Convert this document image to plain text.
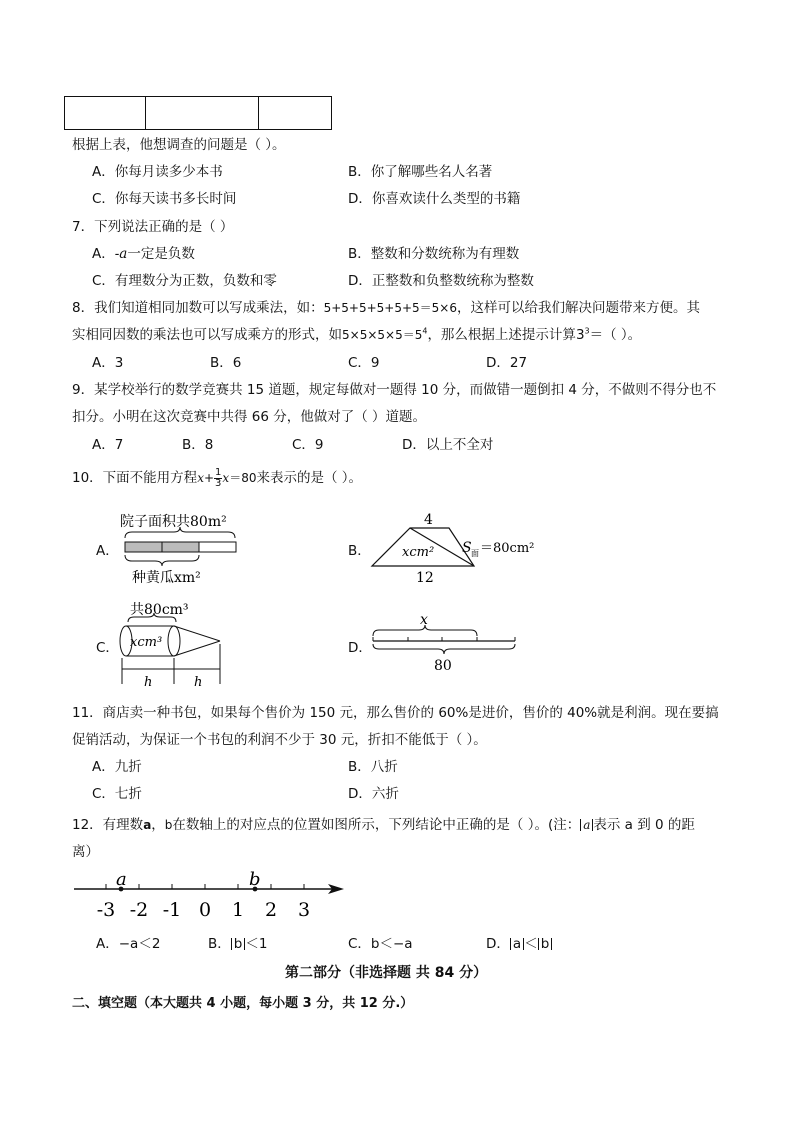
根据上表，他想调查的问题是（ ）。
A．你每月读多少本书	B．你了解哪些名人名著
C．你每天读书多长时间	D．你喜欢读什么类型的书籍
7．下列说法正确的是（ ）
A．-a一定是负数	B．整数和分数统称为有理数
C．有理数分为正数，负数和零	D．正整数和负整数统称为整数
8．我们知道相同加数可以写成乘法，如：5+5+5+5+5+5＝5×6，这样可以给我们解决问题带来方便。其
实相同因数的乘法也可以写成乘方的形式，如$5\times 5\times 5\times 5=5^4$，那么根据上述提示计算$3^3=$（ ）。
A．3	B．6	C．9	D．27
9．某学校举行的数学竞赛共 15 道题，规定每做对一题得 10 分，而做错一题倒扣 4 分，不做则不得分也不
扣分。小明在这次竞赛中共得 66 分，他做对了（ ）道题。
A．7	B．8	C．9	D．以上不全对
10．下面不能用方程$x+ \frac{1}{3} x=80$来表示的是（ ）。
A．
院子面积共80m²
种黄瓜xm²
B．
4
xcm²
12
S 面 ＝80cm²
C．
共80cm³
xcm³
h	h
D．
x
80
11．商店卖一种书包，如果每个售价为 150 元，那么售价的 60%是进价，售价的 40%就是利润。现在要搞
促销活动，为保证一个书包的利润不少于 30 元，折扣不能低于（ ）。
A．九折	B．八折
C．七折	D．六折
12．有理数a，b在数轴上的对应点的位置如图所示，下列结论中正确的是（ ）。(注： a 表示 a 到 0 的距
离）
-3 -2 -1 0 1 2 3
a	b
A．−a＜2	B． b ＜1	C．b＜−a	D． a ＜ b
第二部分（非选择题 共 84 分）
二、填空题（本大题共 4 小题，每小题 3 分，共 12 分.）
